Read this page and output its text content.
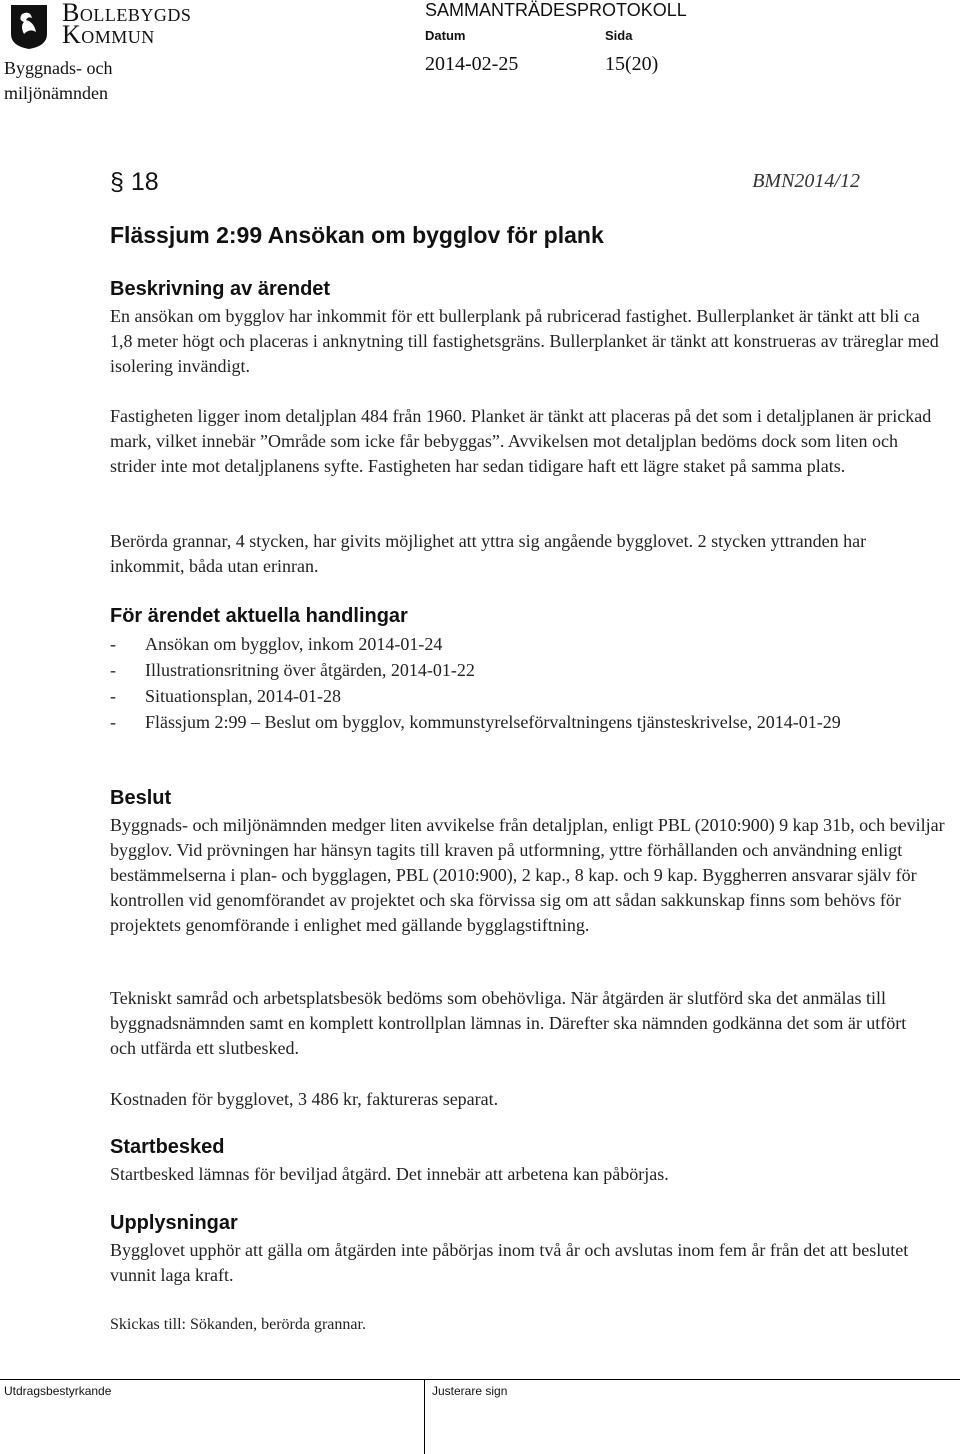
Bollebygds
Kommun
SAMMANTRÄDESPROTOKOLL
Datum	Sida
2014-02-25	15(20)
Byggnads- och miljönämnden
§ 18	BMN2014/12
Flässjum 2:99 Ansökan om bygglov för plank
Beskrivning av ärendet

En ansökan om bygglov har inkommit för ett bullerplank på rubricerad fastighet. Bullerplanket är tänkt att bli ca 1,8 meter högt och placeras i anknytning till fastighetsgräns. Bullerplanket är tänkt att konstrueras av träreglar med isolering invändigt.

Fastigheten ligger inom detaljplan 484 från 1960. Planket är tänkt att placeras på det som i detaljplanen är prickad mark, vilket innebär ”Område som icke får bebyggas”. Avvikelsen mot detaljplan bedöms dock som liten och strider inte mot detaljplanens syfte. Fastigheten har sedan tidigare haft ett lägre staket på samma plats.

Berörda grannar, 4 stycken, har givits möjlighet att yttra sig angående bygglovet. 2 stycken yttranden har inkommit, båda utan erinran.

För ärendet aktuella handlingar
- Ansökan om bygglov, inkom 2014-01-24
- Illustrationsritning över åtgärden, 2014-01-22
- Situationsplan, 2014-01-28
- Flässjum 2:99 – Beslut om bygglov, kommunstyrelseförvaltningens tjänsteskrivelse, 2014-01-29
Beslut

Byggnads- och miljönämnden medger liten avvikelse från detaljplan, enligt PBL (2010:900) 9 kap 31b, och beviljar bygglov. Vid prövningen har hänsyn tagits till kraven på utformning, yttre förhållanden och användning enligt bestämmelserna i plan- och bygglagen, PBL (2010:900), 2 kap., 8 kap. och 9 kap. Byggherren ansvarar själv för kontrollen vid genomförandet av projektet och ska förvissa sig om att sådan sakkunskap finns som behövs för projektets genomförande i enlighet med gällande bygglagstiftning.

Tekniskt samråd och arbetsplatsbesök bedöms som obehövliga. När åtgärden är slutförd ska det anmälas till byggnadsnämnden samt en komplett kontrollplan lämnas in. Därefter ska nämnden godkänna det som är utfört och utfärda ett slutbesked.

Kostnaden för bygglovet, 3 486 kr, faktureras separat.

Startbesked

Startbesked lämnas för beviljad åtgärd. Det innebär att arbetena kan påbörjas.

Upplysningar

Bygglovet upphör att gälla om åtgärden inte påbörjas inom två år och avslutas inom fem år från det att beslutet vunnit laga kraft.

Skickas till: Sökanden, berörda grannar.
Utdragsbestyrkande	Justerare sign
